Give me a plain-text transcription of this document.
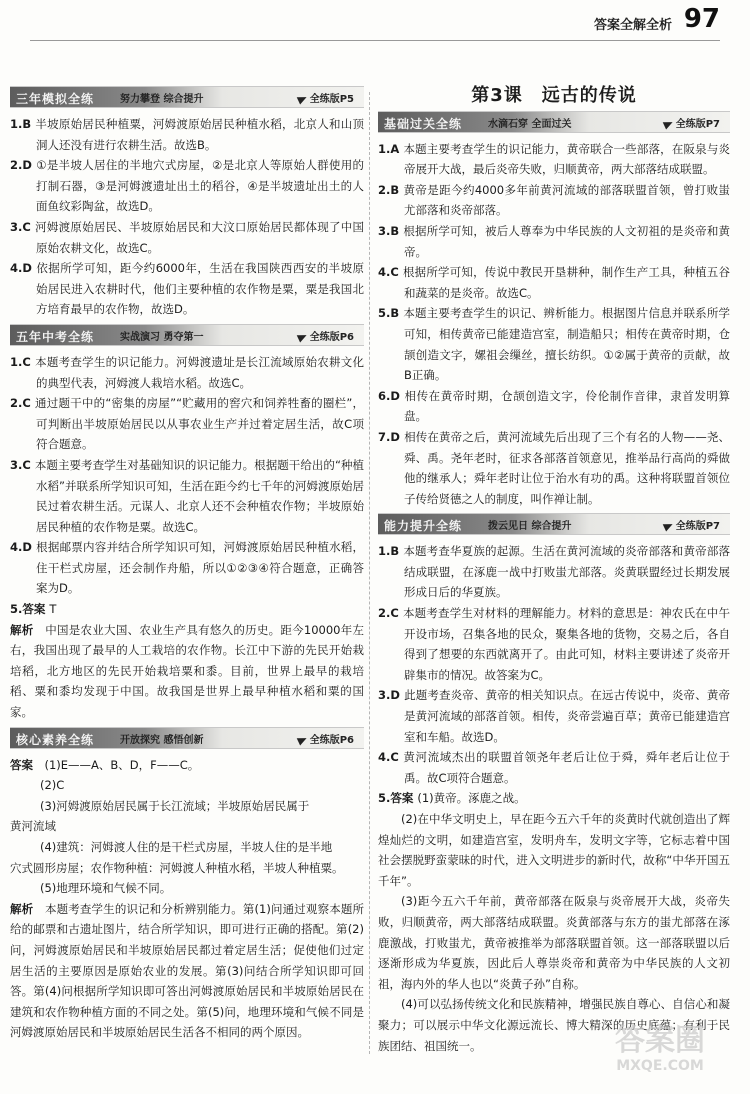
答案全解全析 97
三年模拟全练	努力攀登 综合提升	全练版P5
1.B 半坡原始居民种植粟，河姆渡原始居民种植水稻，北京人和山顶洞人还没有进行农耕生活。故选B。
2.D ①是半坡人居住的半地穴式房屋，②是北京人等原始人群使用的打制石器，③是河姆渡遗址出土的稻谷，④是半坡遗址出土的人面鱼纹彩陶盆，故选D。
3.C 河姆渡原始居民、半坡原始居民和大汶口原始居民都体现了中国原始农耕文化，故选C。
4.D 依据所学可知，距今约6000年，生活在我国陕西西安的半坡原始居民进入农耕时代，他们主要种植的农作物是粟，粟是我国北方培育最早的农作物，故选D。
五年中考全练	实战演习 勇夺第一	全练版P6
1.C 本题考查学生的识记能力。河姆渡遗址是长江流域原始农耕文化的典型代表，河姆渡人栽培水稻。故选C。
2.C 通过题干中的“密集的房屋”“贮藏用的窖穴和饲养牲畜的圈栏”，可判断出半坡原始居民以从事农业生产并过着定居生活，故C项符合题意。
3.C 本题主要考查学生对基础知识的识记能力。根据题干给出的“种植水稻”并联系所学知识可知，生活在距今约七千年的河姆渡原始居民过着农耕生活。元谋人、北京人还不会种植农作物；半坡原始居民种植的农作物是粟。故选C。
4.D 根据邮票内容并结合所学知识可知，河姆渡原始居民种植水稻，住干栏式房屋，还会制作舟船，所以①②③④符合题意，正确答案为D。
5.答案 T
解析　 中国是农业大国、农业生产具有悠久的历史。距今10000年左右，我国出现了最早的人工栽培的农作物。长江中下游的先民开始栽培稻，北方地区的先民开始栽培粟和黍。目前，世界上最早的栽培稻、粟和黍均发现于中国。故我国是世界上最早种植水稻和粟的国家。
核心素养全练	开放探究 感悟创新	全练版P6
答案　 (1)E——A、B、D，F——C。
(2)C
(3)河姆渡原始居民属于长江流域；半坡原始居民属于
黄河流域
(4)建筑：河姆渡人住的是干栏式房屋，半坡人住的是半地
穴式圆形房屋；农作物种植：河姆渡人种植水稻，半坡人种植粟。
(5)地理环境和气候不同。
解析　 本题考查学生的识记和分析辨别能力。第(1)问通过观察本题所给的邮票和古遗址图片，结合所学知识，即可进行正确的搭配。第(2)问，河姆渡原始居民和半坡原始居民都过着定居生活；促使他们过定居生活的主要原因是原始农业的发展。第(3)问结合所学知识即可回答。第(4)问根据所学知识即可答出河姆渡原始居民和半坡原始居民在建筑和农作物种植方面的不同之处。第(5)问，地理环境和气候不同是河姆渡原始居民和半坡原始居民生活各不相同的两个原因。
第3课　远古的传说
基础过关全练	水滴石穿 全面过关	全练版P7
1.A 本题主要考查学生的识记能力，黄帝联合一些部落，在阪泉与炎帝展开大战，最后炎帝失败，归顺黄帝，两大部落结成联盟。
2.B 黄帝是距今约4000多年前黄河流域的部落联盟首领，曾打败蚩尤部落和炎帝部落。
3.B 根据所学可知，被后人尊奉为中华民族的人文初祖的是炎帝和黄帝。
4.C 根据所学可知，传说中教民开垦耕种，制作生产工具，种植五谷和蔬菜的是炎帝。故选C。
5.B 本题主要考查学生的识记、辨析能力。根据图片信息并联系所学可知，相传黄帝已能建造宫室，制造船只；相传在黄帝时期，仓颉创造文字，嫘祖会缫丝，擅长纺织。①②属于黄帝的贡献，故B正确。
6.D 相传在黄帝时期，仓颉创造文字，伶伦制作音律，隶首发明算盘。
7.D 相传在黄帝之后，黄河流域先后出现了三个有名的人物——尧、舜、禹。尧年老时，征求各部落首领意见，推举品行高尚的舜做他的继承人；舜年老时让位于治水有功的禹。这种将联盟首领位子传给贤德之人的制度，叫作禅让制。
能力提升全练	拨云见日 综合提升	全练版P7
1.B 本题考查华夏族的起源。生活在黄河流域的炎帝部落和黄帝部落结成联盟，在涿鹿一战中打败蚩尤部落。炎黄联盟经过长期发展形成日后的华夏族。
2.C 本题考查学生对材料的理解能力。材料的意思是：神农氏在中午开设市场，召集各地的民众，聚集各地的货物，交易之后，各自得到了想要的东西就离开了。由此可知，材料主要讲述了炎帝开辟集市的情况。故答案为C。
3.D 此题考查炎帝、黄帝的相关知识点。在远古传说中，炎帝、黄帝是黄河流域的部落首领。相传，炎帝尝遍百草；黄帝已能建造宫室和车船。故选D。
4.C 黄河流域杰出的联盟首领尧年老后让位于舜，舜年老后让位于禹。故C项符合题意。
5.答案 (1)黄帝。涿鹿之战。
(2)在中华文明史上，早在距今五六千年的炎黄时代就创造出了辉煌灿烂的文明，如建造宫室，发明舟车，发明文字等，它标志着中国社会摆脱野蛮蒙昧的时代，进入文明进步的新时代，故称“中华开国五千年”。
(3)距今五六千年前，黄帝部落在阪泉与炎帝展开大战，炎帝失败，归顺黄帝，两大部落结成联盟。炎黄部落与东方的蚩尤部落在涿鹿激战，打败蚩尤，黄帝被推举为部落联盟首领。这一部落联盟以后逐渐形成为华夏族，因此后人尊崇炎帝和黄帝为中华民族的人文初祖，海内外的华人也以“炎黄子孙”自称。
(4)可以弘扬传统文化和民族精神，增强民族自尊心、自信心和凝聚力；可以展示中华文化源远流长、博大精深的历史底蕴；有利于民族团结、祖国统一。	答案圈
MXQE.COM
